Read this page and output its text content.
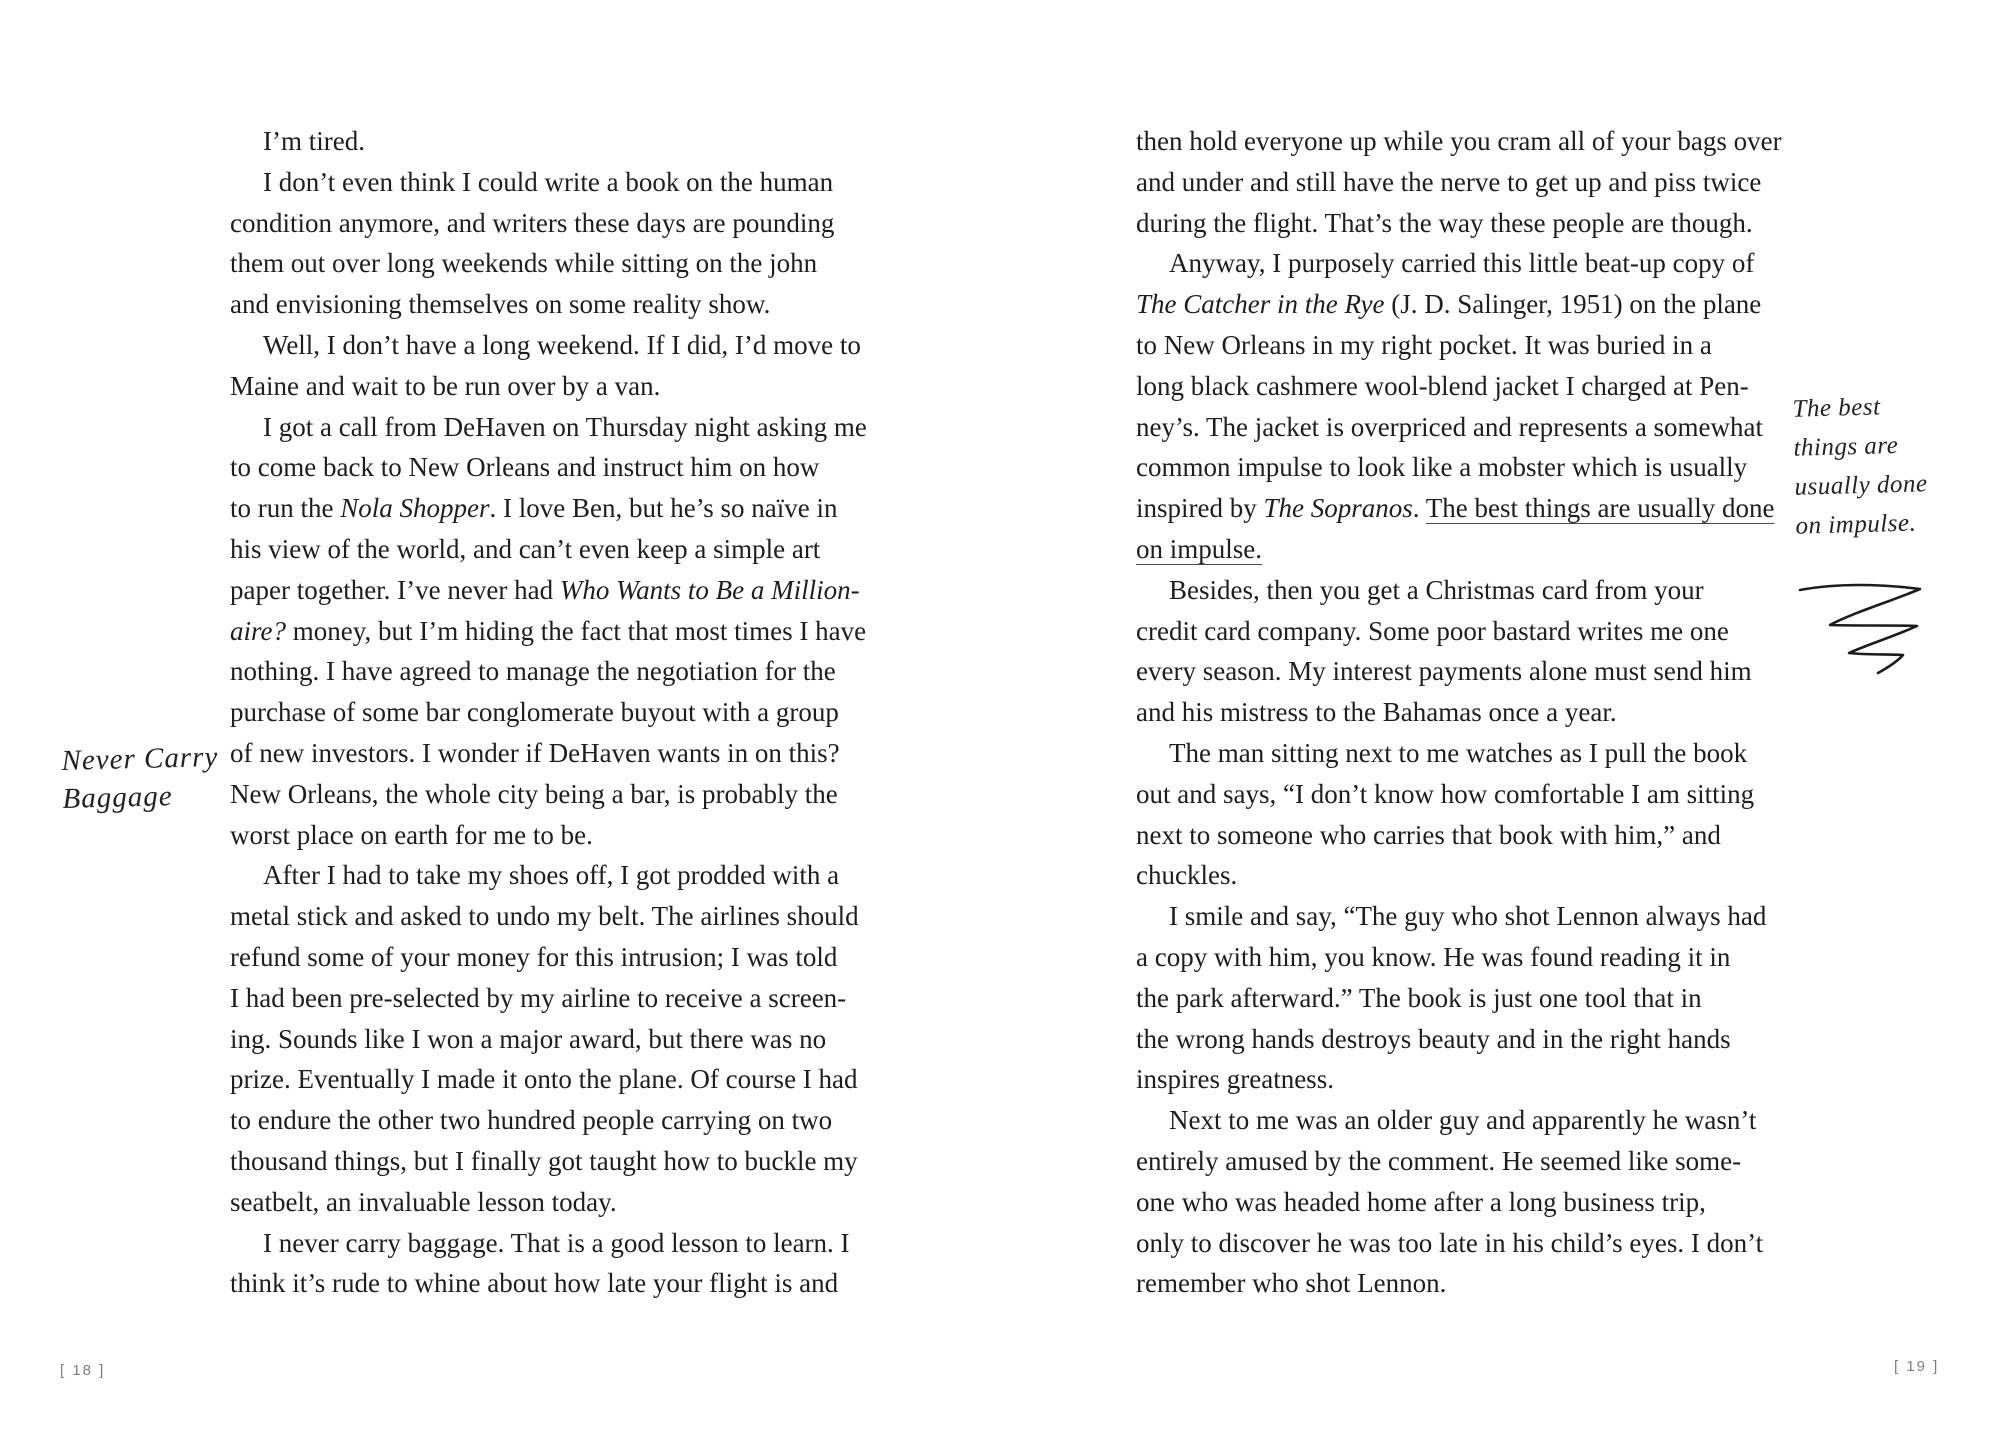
Never Carry
Baggage
I’m tired.
I don’t even think I could write a book on the human
condition anymore, and writers these days are pounding
them out over long weekends while sitting on the john
and envisioning themselves on some reality show.
Well, I don’t have a long weekend. If I did, I’d move to
Maine and wait to be run over by a van.
I got a call from DeHaven on Thursday night asking me
to come back to New Orleans and instruct him on how
to run the Nola Shopper. I love Ben, but he’s so naïve in
his view of the world, and can’t even keep a simple art
paper together. I’ve never had Who Wants to Be a Million-
aire? money, but I’m hiding the fact that most times I have
nothing. I have agreed to manage the negotiation for the
purchase of some bar conglomerate buyout with a group
of new investors. I wonder if DeHaven wants in on this?
New Orleans, the whole city being a bar, is probably the
worst place on earth for me to be.
After I had to take my shoes off, I got prodded with a
metal stick and asked to undo my belt. The airlines should
refund some of your money for this intrusion; I was told
I had been pre-selected by my airline to receive a screen-
ing. Sounds like I won a major award, but there was no
prize. Eventually I made it onto the plane. Of course I had
to endure the other two hundred people carrying on two
thousand things, but I finally got taught how to buckle my
seatbelt, an invaluable lesson today.
I never carry baggage. That is a good lesson to learn. I
think it’s rude to whine about how late your flight is and
then hold everyone up while you cram all of your bags over
and under and still have the nerve to get up and piss twice
during the flight. That’s the way these people are though.
Anyway, I purposely carried this little beat-up copy of
The Catcher in the Rye (J. D. Salinger, 1951) on the plane
to New Orleans in my right pocket. It was buried in a
long black cashmere wool-blend jacket I charged at Pen-
ney’s. The jacket is overpriced and represents a somewhat
common impulse to look like a mobster which is usually
inspired by The Sopranos. The best things are usually done
on impulse.
Besides, then you get a Christmas card from your
credit card company. Some poor bastard writes me one
every season. My interest payments alone must send him
and his mistress to the Bahamas once a year.
The man sitting next to me watches as I pull the book
out and says, “I don’t know how comfortable I am sitting
next to someone who carries that book with him,” and
chuckles.
I smile and say, “The guy who shot Lennon always had
a copy with him, you know. He was found reading it in
the park afterward.” The book is just one tool that in
the wrong hands destroys beauty and in the right hands
inspires greatness.
Next to me was an older guy and apparently he wasn’t
entirely amused by the comment. He seemed like some-
one who was headed home after a long business trip,
only to discover he was too late in his child’s eyes. I don’t
remember who shot Lennon.
The best
things are
usually done
on impulse.
[ 18 ]	[ 19 ]
